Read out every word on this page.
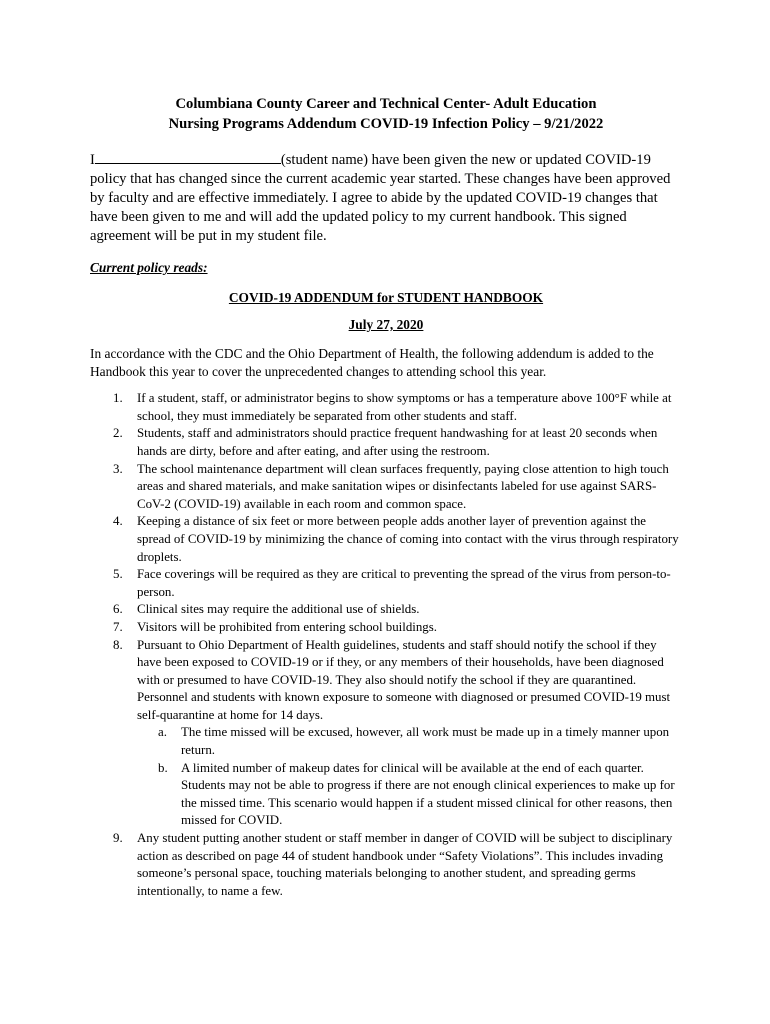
Columbiana County Career and Technical Center- Adult Education
Nursing Programs Addendum COVID-19 Infection Policy – 9/21/2022
I	(student name) have been given the new or updated COVID-19 policy that has changed since the current academic year started. These changes have been approved by faculty and are effective immediately. I agree to abide by the updated COVID-19 changes that have been given to me and will add the updated policy to my current handbook. This signed agreement will be put in my student file.
Current policy reads:
COVID-19 ADDENDUM for STUDENT HANDBOOK
July 27, 2020
In accordance with the CDC and the Ohio Department of Health, the following addendum is added to the Handbook this year to cover the unprecedented changes to attending school this year.
1. If a student, staff, or administrator begins to show symptoms or has a temperature above 100°F while at school, they must immediately be separated from other students and staff.
2. Students, staff and administrators should practice frequent handwashing for at least 20 seconds when hands are dirty, before and after eating, and after using the restroom.
3. The school maintenance department will clean surfaces frequently, paying close attention to high touch areas and shared materials, and make sanitation wipes or disinfectants labeled for use against SARS-CoV-2 (COVID-19) available in each room and common space.
4. Keeping a distance of six feet or more between people adds another layer of prevention against the spread of COVID-19 by minimizing the chance of coming into contact with the virus through respiratory droplets.
5. Face coverings will be required as they are critical to preventing the spread of the virus from person-to-person.
6. Clinical sites may require the additional use of shields.
7. Visitors will be prohibited from entering school buildings.
8. Pursuant to Ohio Department of Health guidelines, students and staff should notify the school if they have been exposed to COVID-19 or if they, or any members of their households, have been diagnosed with or presumed to have COVID-19. They also should notify the school if they are quarantined. Personnel and students with known exposure to someone with diagnosed or presumed COVID-19 must self-quarantine at home for 14 days.
a. The time missed will be excused, however, all work must be made up in a timely manner upon return.
b. A limited number of makeup dates for clinical will be available at the end of each quarter. Students may not be able to progress if there are not enough clinical experiences to make up for the missed time. This scenario would happen if a student missed clinical for other reasons, then missed for COVID.
9. Any student putting another student or staff member in danger of COVID will be subject to disciplinary action as described on page 44 of student handbook under “Safety Violations”. This includes invading someone’s personal space, touching materials belonging to another student, and spreading germs intentionally, to name a few.
